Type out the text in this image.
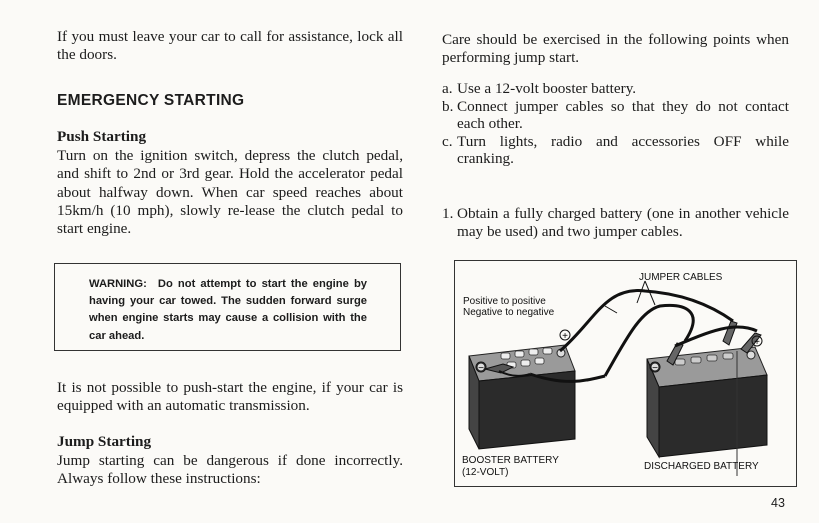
If you must leave your car to call for assistance, lock all the doors.

EMERGENCY STARTING
Push Starting

Turn on the ignition switch, depress the clutch pedal, and shift to 2nd or 3rd gear. Hold the accelerator pedal about halfway down. When car speed reaches about 15km/h (10 mph), slowly re-lease the clutch pedal to start engine.

WARNING: Do not attempt to start the engine by having your car towed. The sudden forward surge when engine starts may cause a collision with the car ahead.

It is not possible to push-start the engine, if your car is equipped with an automatic transmission.

Jump Starting

Jump starting can be dangerous if done incorrectly. Always follow these instructions:

Care should be exercised in the following points when performing jump start.

a. Use a 12-volt booster battery.
b. Connect jumper cables so that they do not contact each other.
c. Turn lights, radio and accessories OFF while cranking.
1. Obtain a fully charged battery (one in another vehicle may be used) and two jumper cables.
+
−
+
−
JUMPER CABLES
Positive to positive
Negative to negative
BOOSTER BATTERY
(12-VOLT)
DISCHARGED BATTERY
43
